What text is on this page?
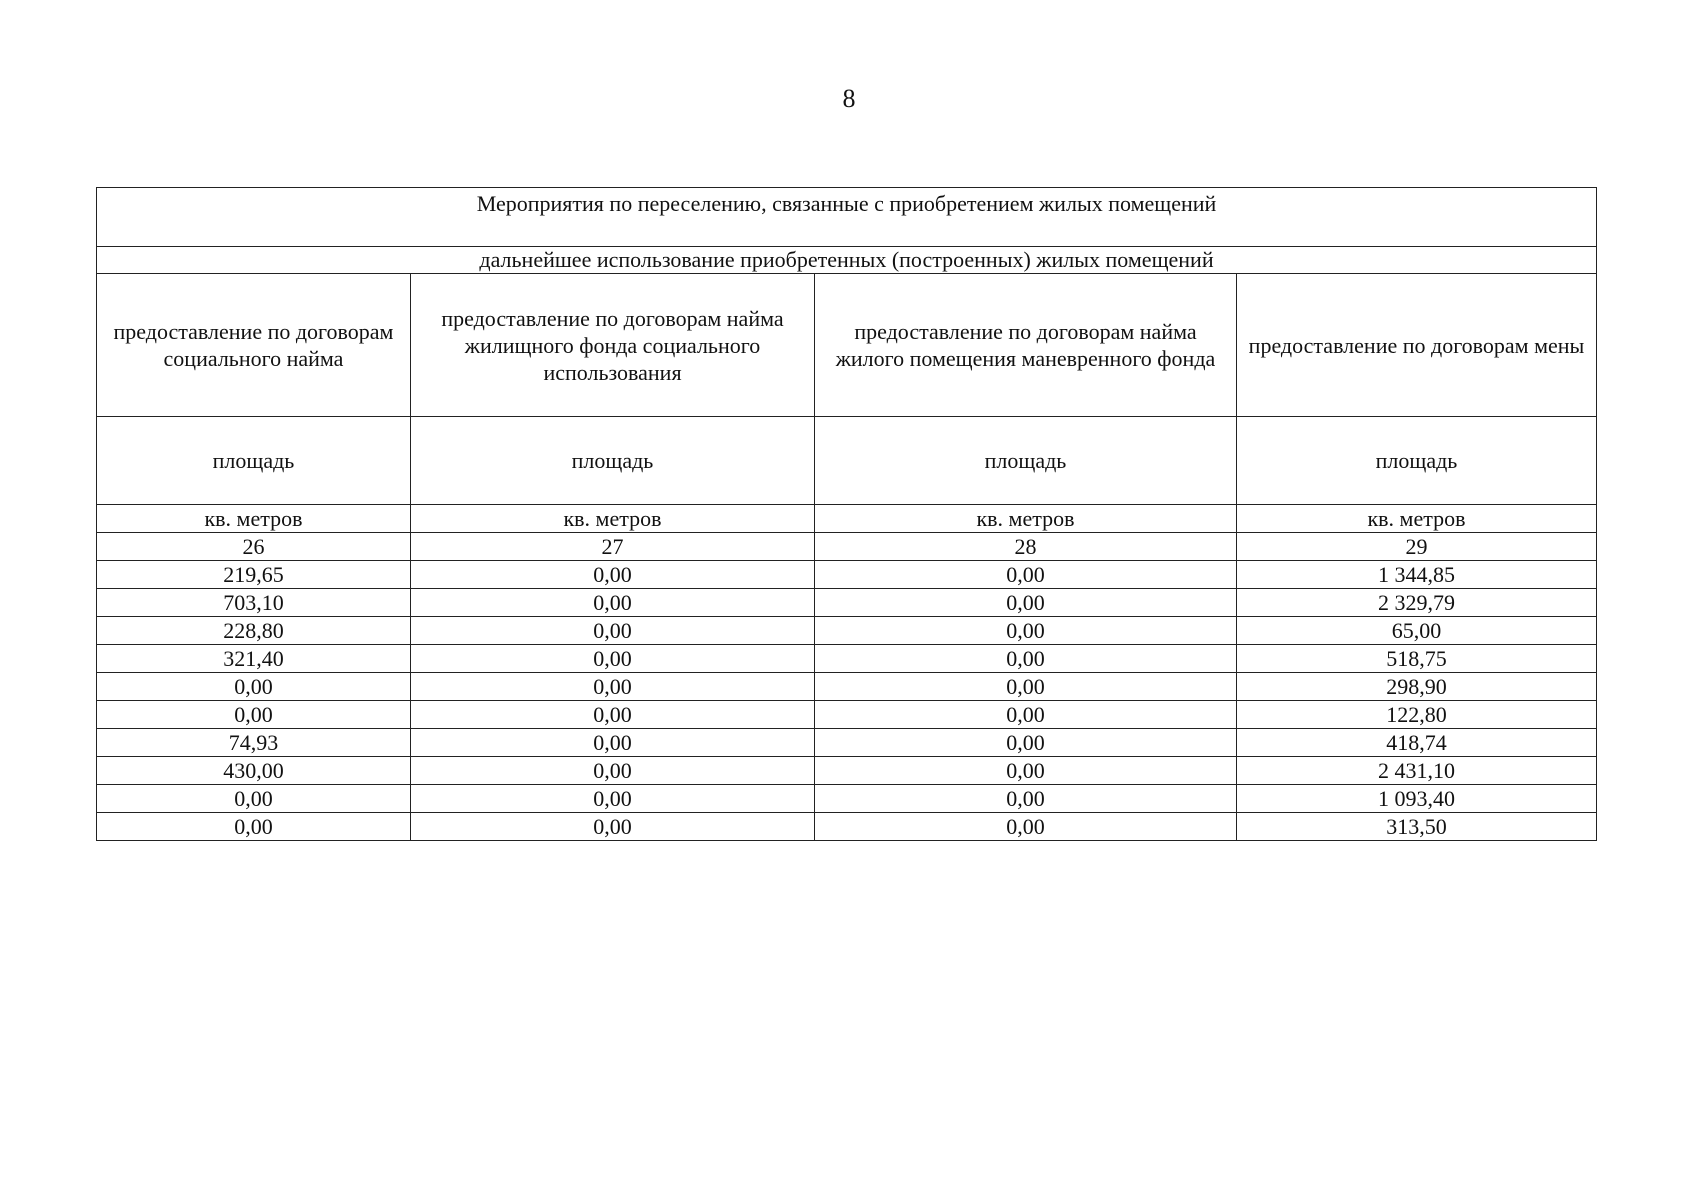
8
Мероприятия по переселению, связанные с приобретением жилых помещений			
дальнейшее использование приобретенных (построенных) жилых помещений			
предоставление по договорам социального найма	предоставление по договорам найма жилищного фонда социального использования	предоставление по договорам найма жилого помещения маневренного фонда	предоставление по договорам мены
площадь	площадь	площадь	площадь
кв. метров	кв. метров	кв. метров	кв. метров
26	27	28	29
219,65	0,00	0,00	1 344,85
703,10	0,00	0,00	2 329,79
228,80	0,00	0,00	65,00
321,40	0,00	0,00	518,75
0,00	0,00	0,00	298,90
0,00	0,00	0,00	122,80
74,93	0,00	0,00	418,74
430,00	0,00	0,00	2 431,10
0,00	0,00	0,00	1 093,40
0,00	0,00	0,00	313,50
